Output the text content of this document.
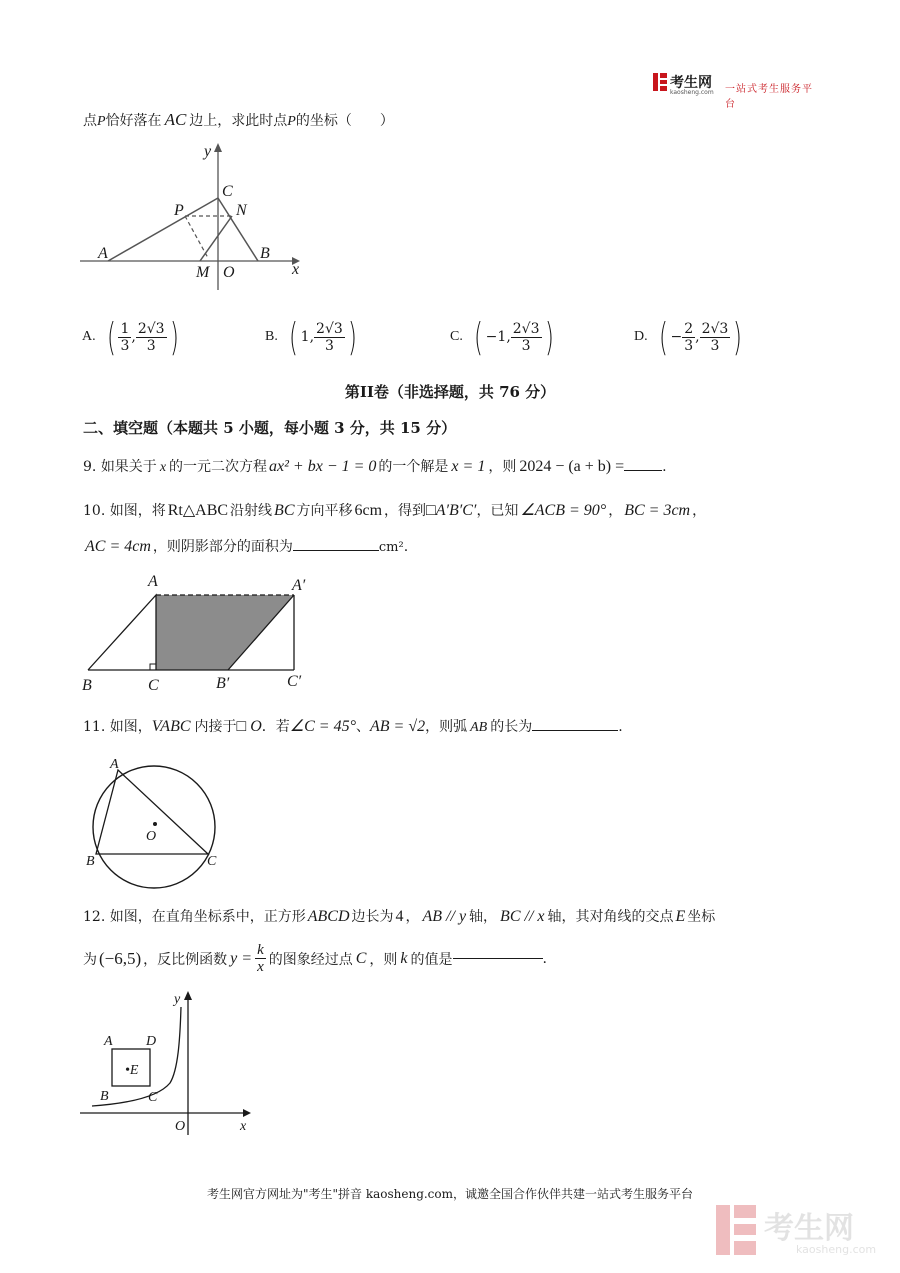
考生网
kaosheng.com 一站式考生服务平台
点P恰好落在 AC 边上，求此时点P的坐标（　　）
y
C
N
P
A	B
M O	x
A. ( $\frac{1}{3}$ , $\frac{2√3}{3}$ )	B. ( 1 , $\frac{2√3}{3}$ )	C. ( −1 , $\frac{2√3}{3}$ )	D. ( − $\frac{2}{3}$ , $\frac{2√3}{3}$ )
第II卷（非选择题，共 76 分）
二、填空题（本题共 5 小题，每小题 3 分，共 15 分）
9. 如果关于 x 的一元二次方程 ax² + bx − 1 = 0 的一个解是 x = 1 ，则 2024 − (a + b) =	.
10. 如图，将 Rt△ABC 沿射线 BC 方向平移 6cm ，得到□A′B′C′，已知 ∠ACB = 90° ， BC = 3cm ，
AC = 4cm ，则阴影部分的面积为	cm².
A	A′
B	C	B′	C′
11. 如图，VABC 内接于□ O．若∠C = 45°、AB = √2，则弧 AB 的长为	.
A
O
B	C
12. 如图，在直角坐标系中，正方形 ABCD 边长为 4 ， AB // y 轴， BC // x 轴，其对角线的交点 E 坐标
为 (−6,5) ，反比例函数 $y = \frac{k}{x}$ 的图象经过点 C ，则 k 的值是	.
y
A D
•E
B	C
O	x
考生网官方网址为"考生"拼音 kaosheng.com，诚邀全国合作伙伴共建一站式考生服务平台
考生网
kaosheng.com
